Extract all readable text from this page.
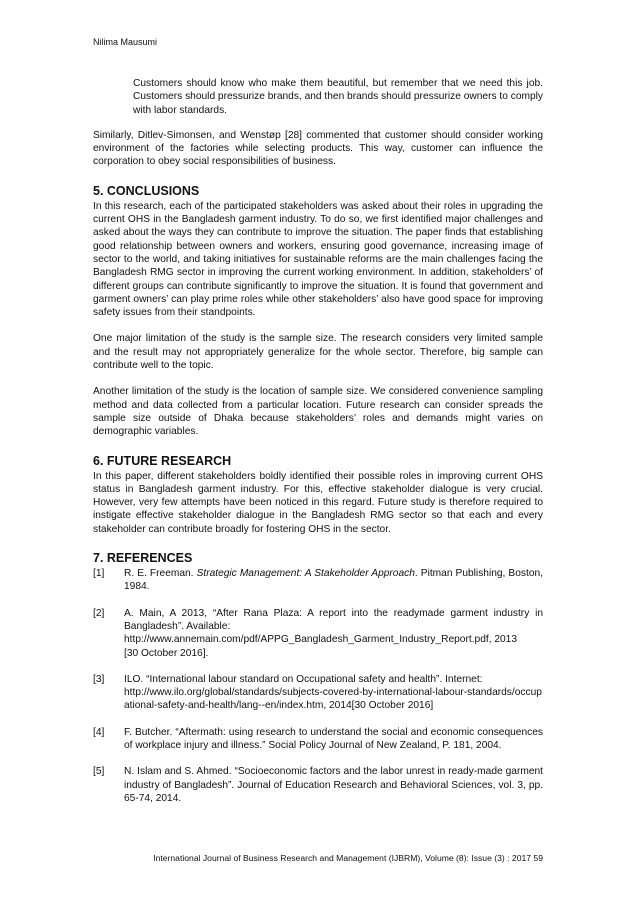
Nilima Mausumi
Customers should know who make them beautiful, but remember that we need this job. Customers should pressurize brands, and then brands should pressurize owners to comply with labor standards.

Similarly, Ditlev-Simonsen, and Wenstøp [28] commented that customer should consider working environment of the factories while selecting products. This way, customer can influence the corporation to obey social responsibilities of business.

5. CONCLUSIONS

In this research, each of the participated stakeholders was asked about their roles in upgrading the current OHS in the Bangladesh garment industry. To do so, we first identified major challenges and asked about the ways they can contribute to improve the situation. The paper finds that establishing good relationship between owners and workers, ensuring good governance, increasing image of sector to the world, and taking initiatives for sustainable reforms are the main challenges facing the Bangladesh RMG sector in improving the current working environment. In addition, stakeholders’ of different groups can contribute significantly to improve the situation. It is found that government and garment owners’ can play prime roles while other stakeholders’ also have good space for improving safety issues from their standpoints.

One major limitation of the study is the sample size. The research considers very limited sample and the result may not appropriately generalize for the whole sector. Therefore, big sample can contribute well to the topic.

Another limitation of the study is the location of sample size. We considered convenience sampling method and data collected from a particular location. Future research can consider spreads the sample size outside of Dhaka because stakeholders’ roles and demands might varies on demographic variables.

6. FUTURE RESEARCH

In this paper, different stakeholders boldly identified their possible roles in improving current OHS status in Bangladesh garment industry. For this, effective stakeholder dialogue is very crucial. However, very few attempts have been noticed in this regard. Future study is therefore required to instigate effective stakeholder dialogue in the Bangladesh RMG sector so that each and every stakeholder can contribute broadly for fostering OHS in the sector.

7. REFERENCES
[1]	R. E. Freeman. Strategic Management: A Stakeholder Approach. Pitman Publishing, Boston, 1984.
[2]	A. Main, A 2013, “After Rana Plaza: A report into the readymade garment industry in Bangladesh”. Available:
http://www.annemain.com/pdf/APPG_Bangladesh_Garment_Industry_Report.pdf, 2013
[30 October 2016].
[3]	ILO. “International labour standard on Occupational safety and health”. Internet:
http://www.ilo.org/global/standards/subjects-covered-by-international-labour-standards/occupational-safety-and-health/lang--en/index.htm, 2014[30 October 2016]
[4]	F. Butcher. “Aftermath: using research to understand the social and economic consequences of workplace injury and illness.” Social Policy Journal of New Zealand, P. 181, 2004.
[5]	N. Islam and S. Ahmed. “Socioeconomic factors and the labor unrest in ready-made garment industry of Bangladesh”. Journal of Education Research and Behavioral Sciences, vol. 3, pp. 65-74, 2014.
International Journal of Business Research and Management (IJBRM), Volume (8): Issue (3) : 2017 59
